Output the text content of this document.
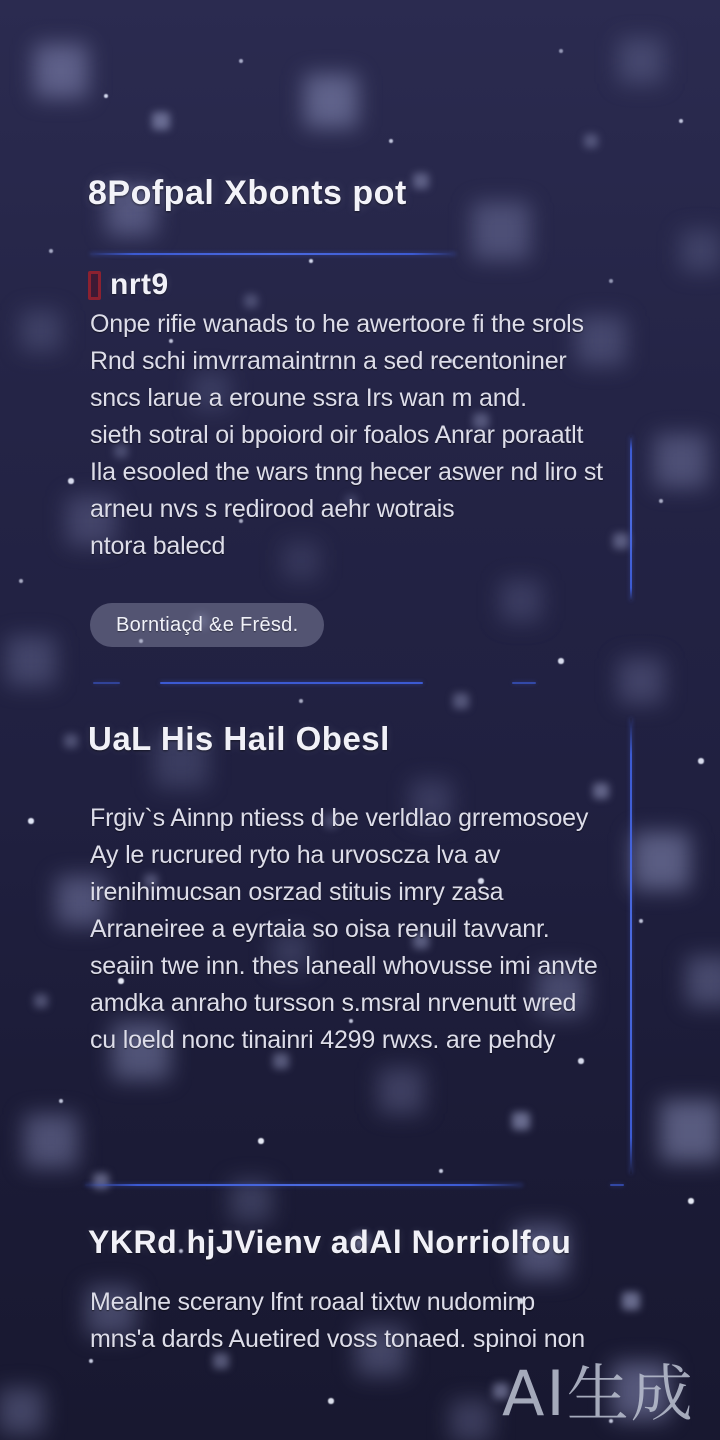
8Pofpal Xbonts pot
nrt9
Onpe rifie wanads to he awertoore fi the srols
Rnd schi imvrramaintrnn a sed recentoniner
sncs larue a eroune ssra Irs wan m and.
sieth sotral oi bpoiord oir foalos Anrar poraatlt
Ila esooled the wars tnng hecer aswer nd liro st
arneu nvs s redirood aehr wotrais
ntora balecd
Borntiaçd &e Frēsd.
UaL His Hail Obesl
Frgiv`s Ainnp ntiess d be verldlao grremosoey
Ay le rucrured ryto ha urvoscza lva av
irenihimucsan osrzad stituis imry zasa
Arraneiree a eyrtaia so oisa renuil tavvanr.
seaiin twe inn. thes laneall whovusse imi anvte
amdka anraho tursson s.msral nrvenutt wred
cu loeld nonc tinainri 4299 rwxs. are pehdy
YKRd hjJVienv adAl Norriolfou
Mealne scerany lfnt roaal tixtw nudominp
mns'a dards Auetired voss tonaed. spinoi non
AI生成
